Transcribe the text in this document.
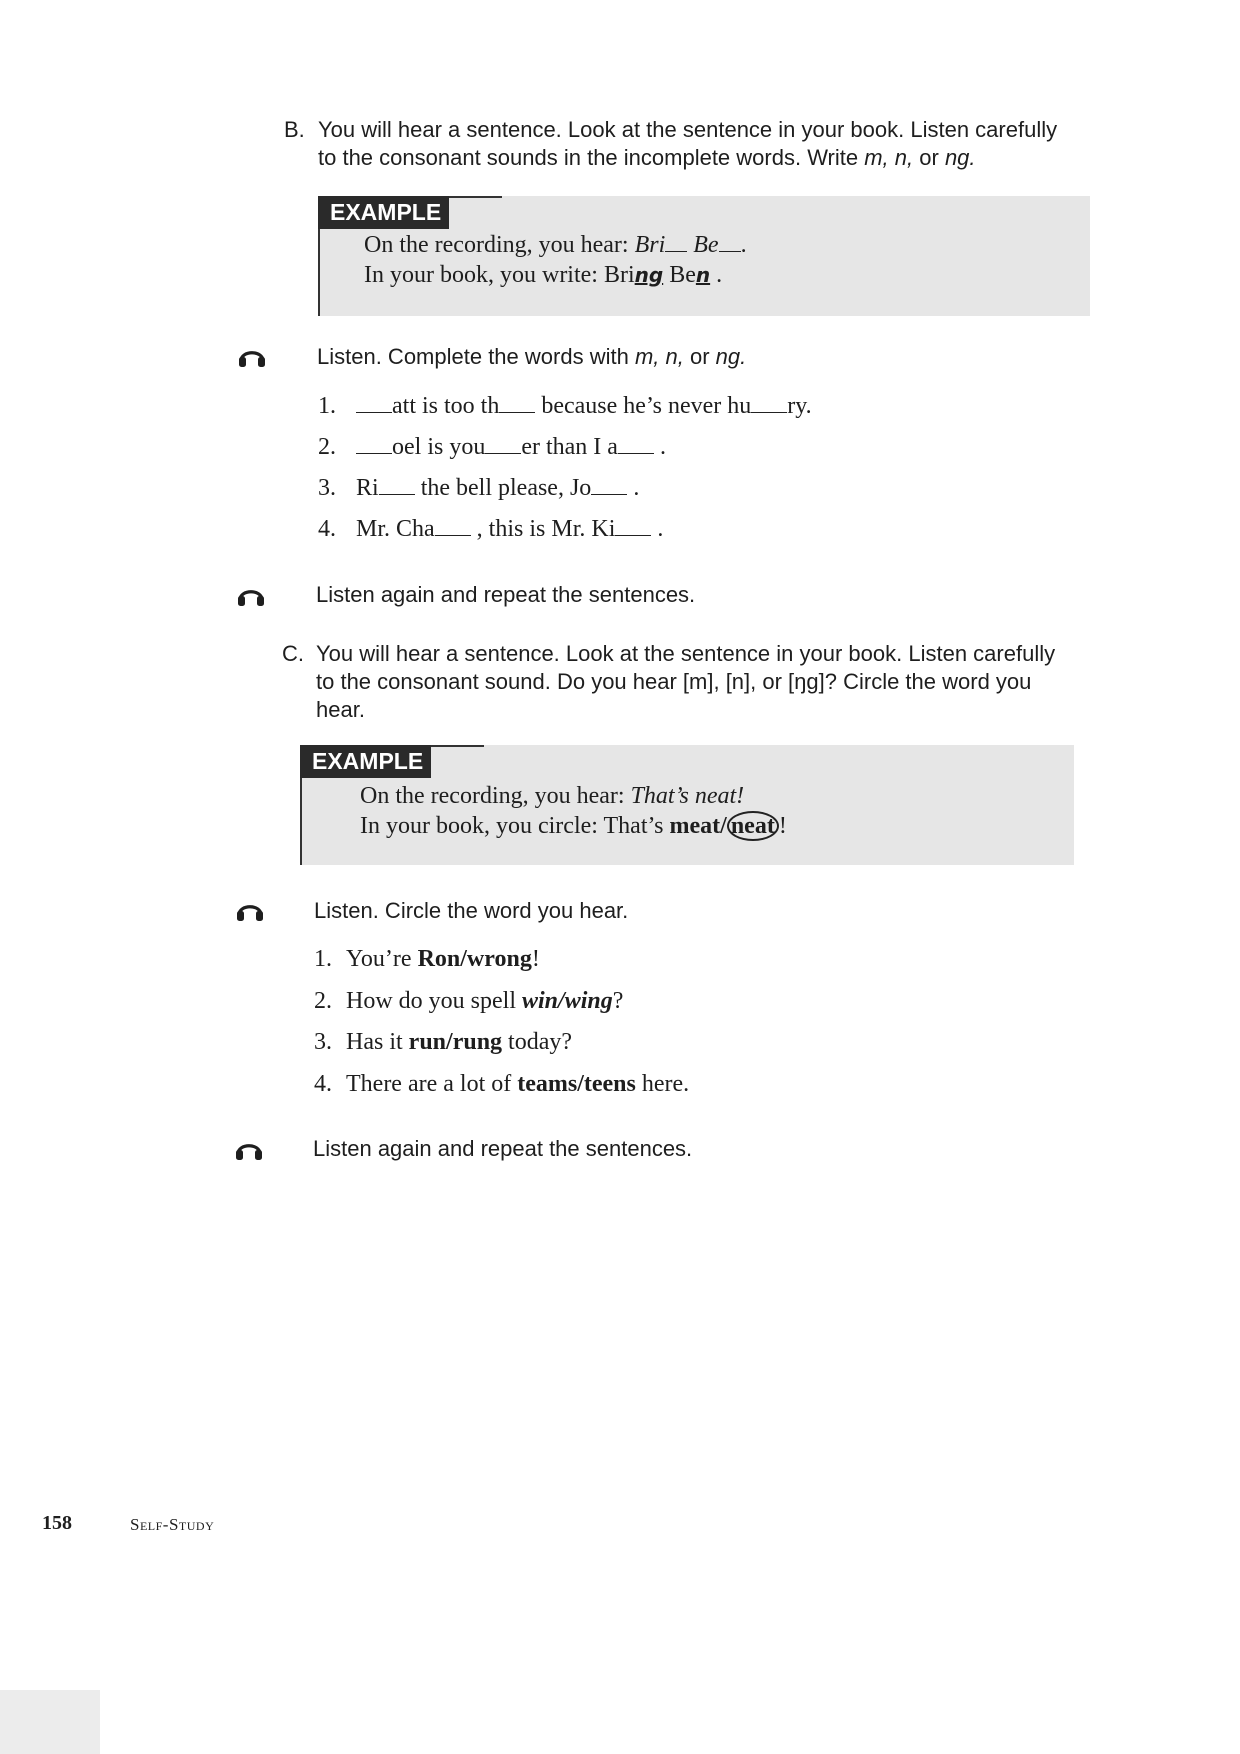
B. You will hear a sentence. Look at the sentence in your book. Listen carefully
to the consonant sounds in the incomplete words. Write m, n, or ng.
EXAMPLE
On the recording, you hear: Bri Be .
In your book, you write: Bring Ben .
Listen. Complete the words with m, n, or ng.
1. att is too th because he’s never hu ry.
2. oel is you er than I a .
3. Ri the bell please, Jo .
4. Mr. Cha , this is Mr. Ki .
Listen again and repeat the sentences.
C. You will hear a sentence. Look at the sentence in your book. Listen carefully
to the consonant sound. Do you hear [m], [n], or [ŋg]? Circle the word you
hear.
EXAMPLE
On the recording, you hear: That’s neat!
In your book, you circle: That’s meat/ neat !
Listen. Circle the word you hear.
1. You’re Ron/wrong!
2. How do you spell win/wing?
3. Has it run/rung today?
4. There are a lot of teams/teens here.
Listen again and repeat the sentences.
158	Self-Study
